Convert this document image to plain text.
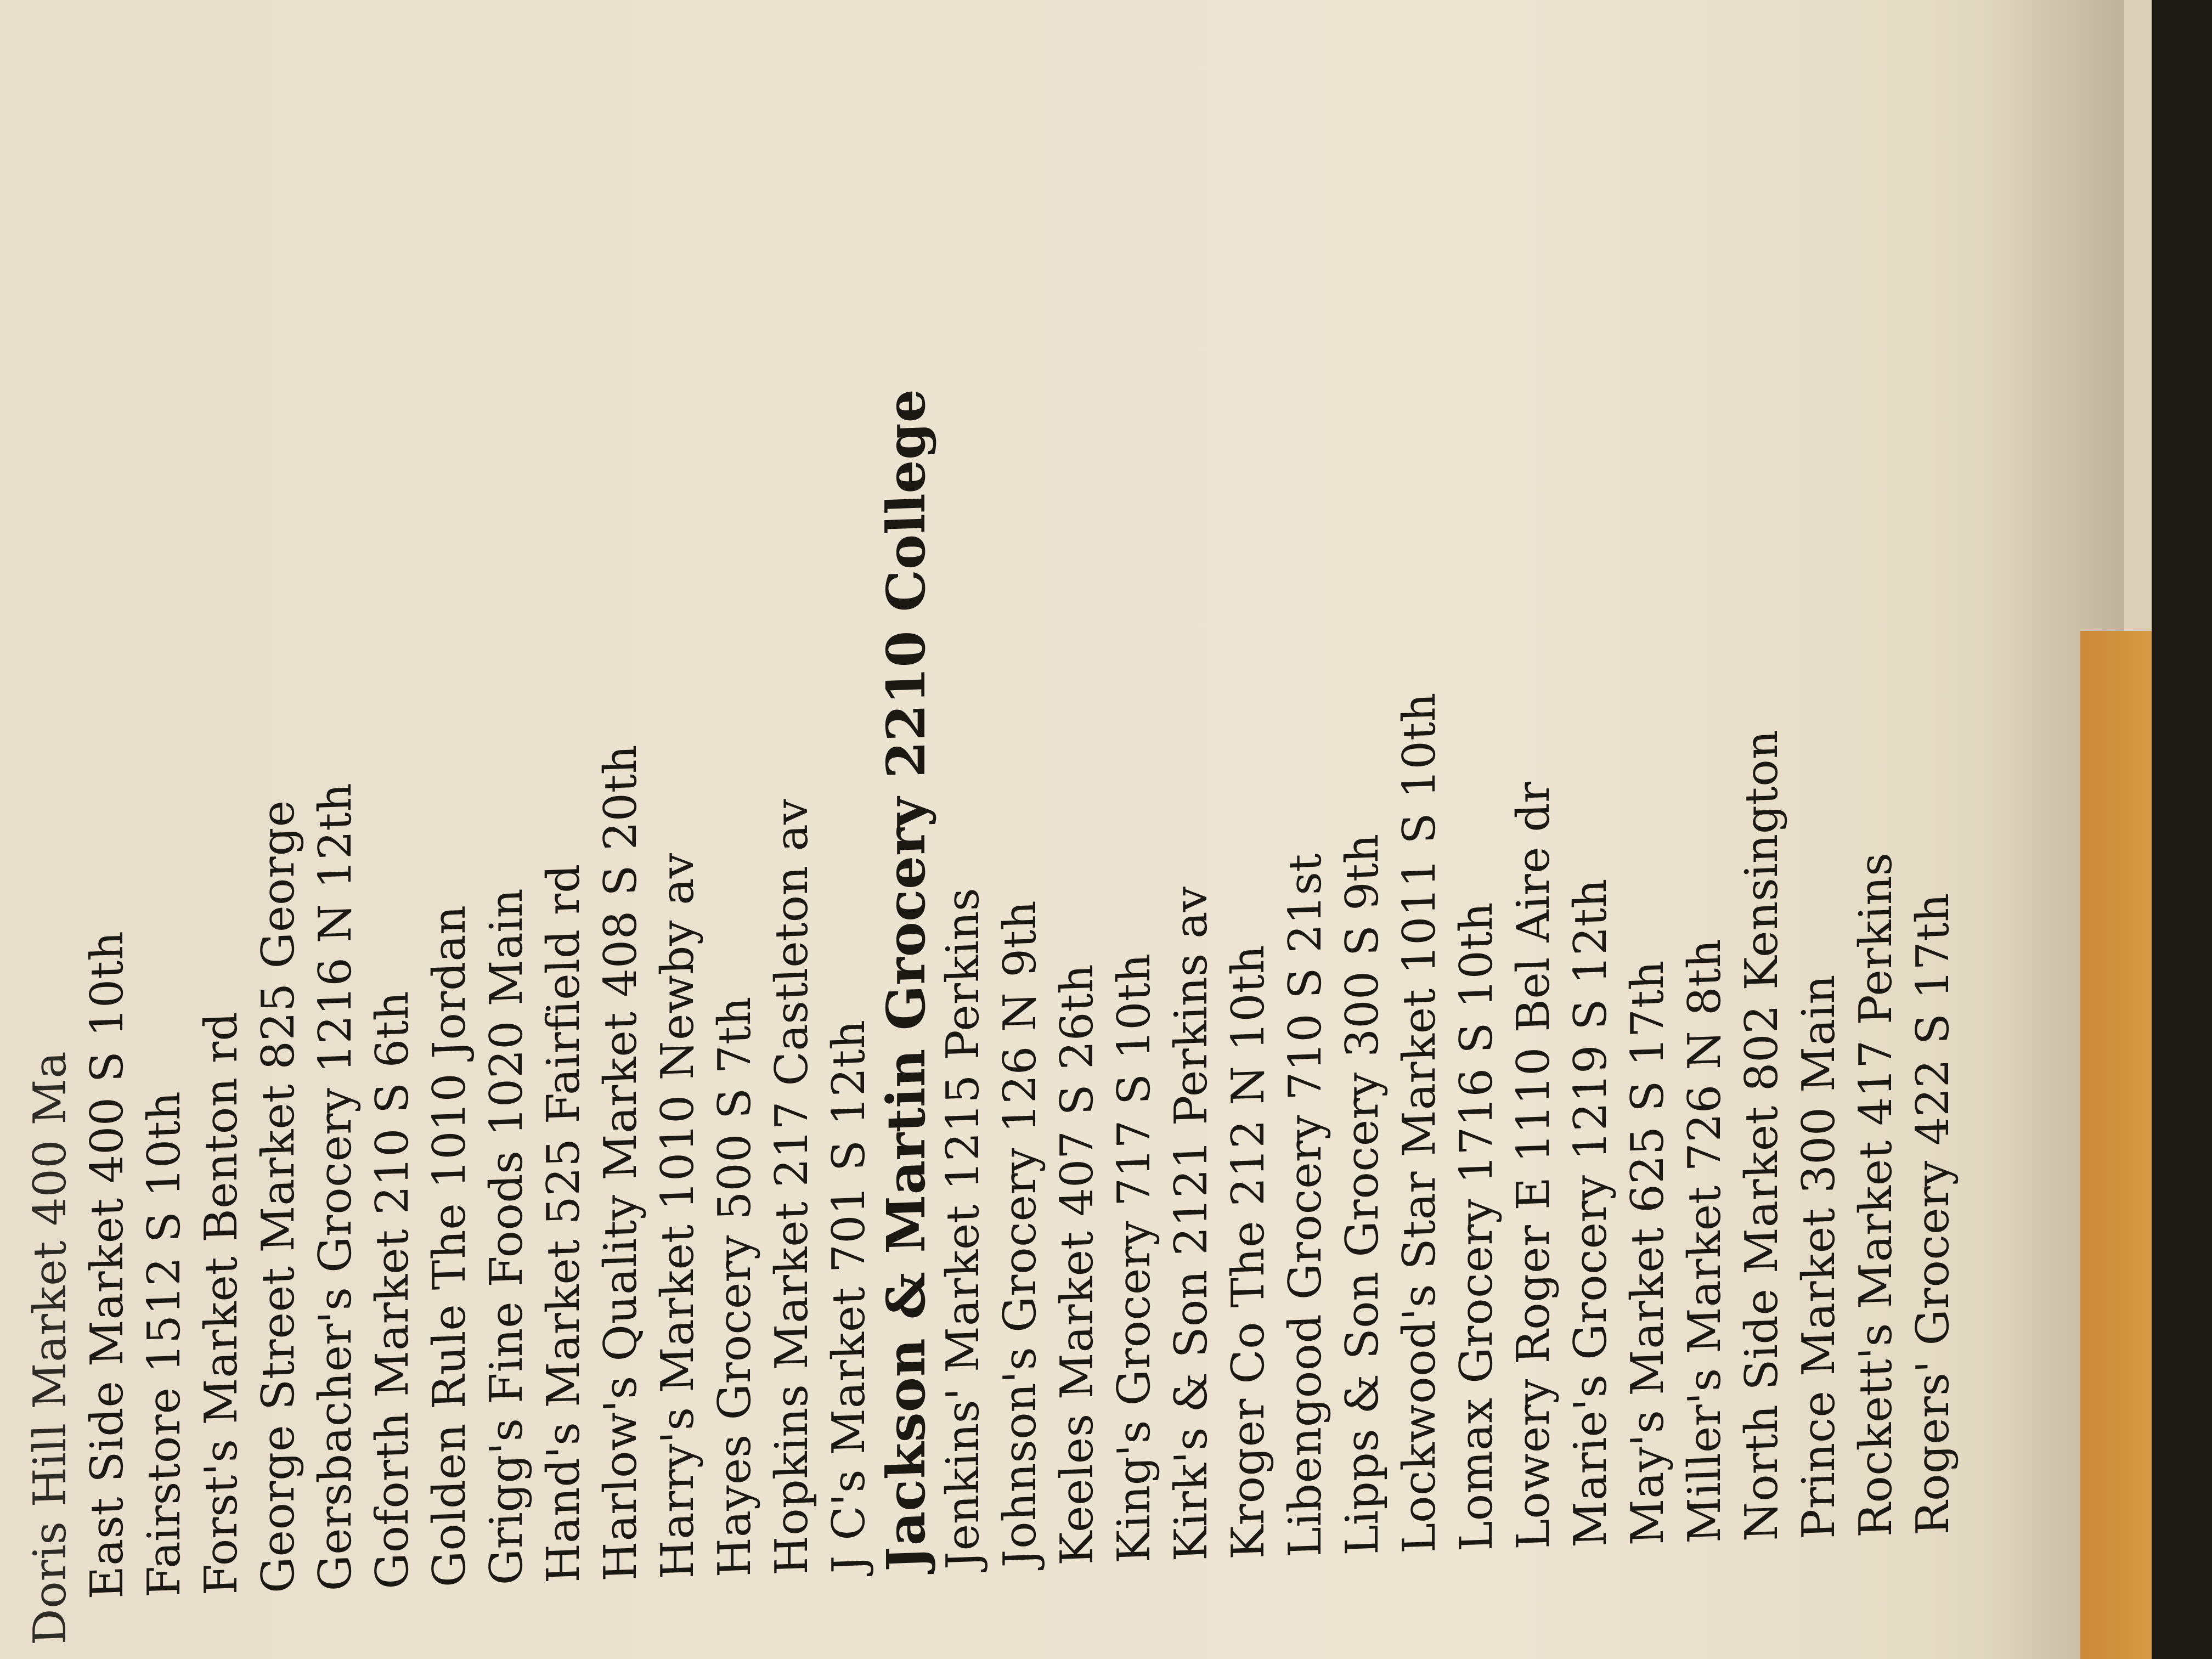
Doris Hill Market 400 Ma East Side Market 400 S 10th Fairstore 1512 S 10th Forst's Market Benton rd George Street Market 825 George Gersbacher's Grocery 1216 N 12th Goforth Market 210 S 6th Golden Rule The 1010 Jordan Grigg's Fine Foods 1020 Main Hand's Market 525 Fairfield rd Harlow's Quality Market 408 S 20th Harry's Market 1010 Newby av Hayes Grocery 500 S 7th Hopkins Market 217 Castleton av J C's Market 701 S 12th Jackson & Martin Grocery 2210 College Jenkins' Market 1215 Perkins Johnson's Grocery 126 N 9th Keeles Market 407 S 26th King's Grocery 717 S 10th Kirk's & Son 2121 Perkins av Kroger Co The 212 N 10th Libengood Grocery 710 S 21st Lipps & Son Grocery 300 S 9th Lockwood's Star Market 1011 S 10th Lomax Grocery 1716 S 10th Lowery Roger E 1110 Bel Aire dr Marie's Grocery 1219 S 12th May's Market 625 S 17th Miller's Market 726 N 8th North Side Market 802 Kensington Prince Market 300 Main Rockett's Market 417 Perkins Rogers' Grocery 422 S 17th
